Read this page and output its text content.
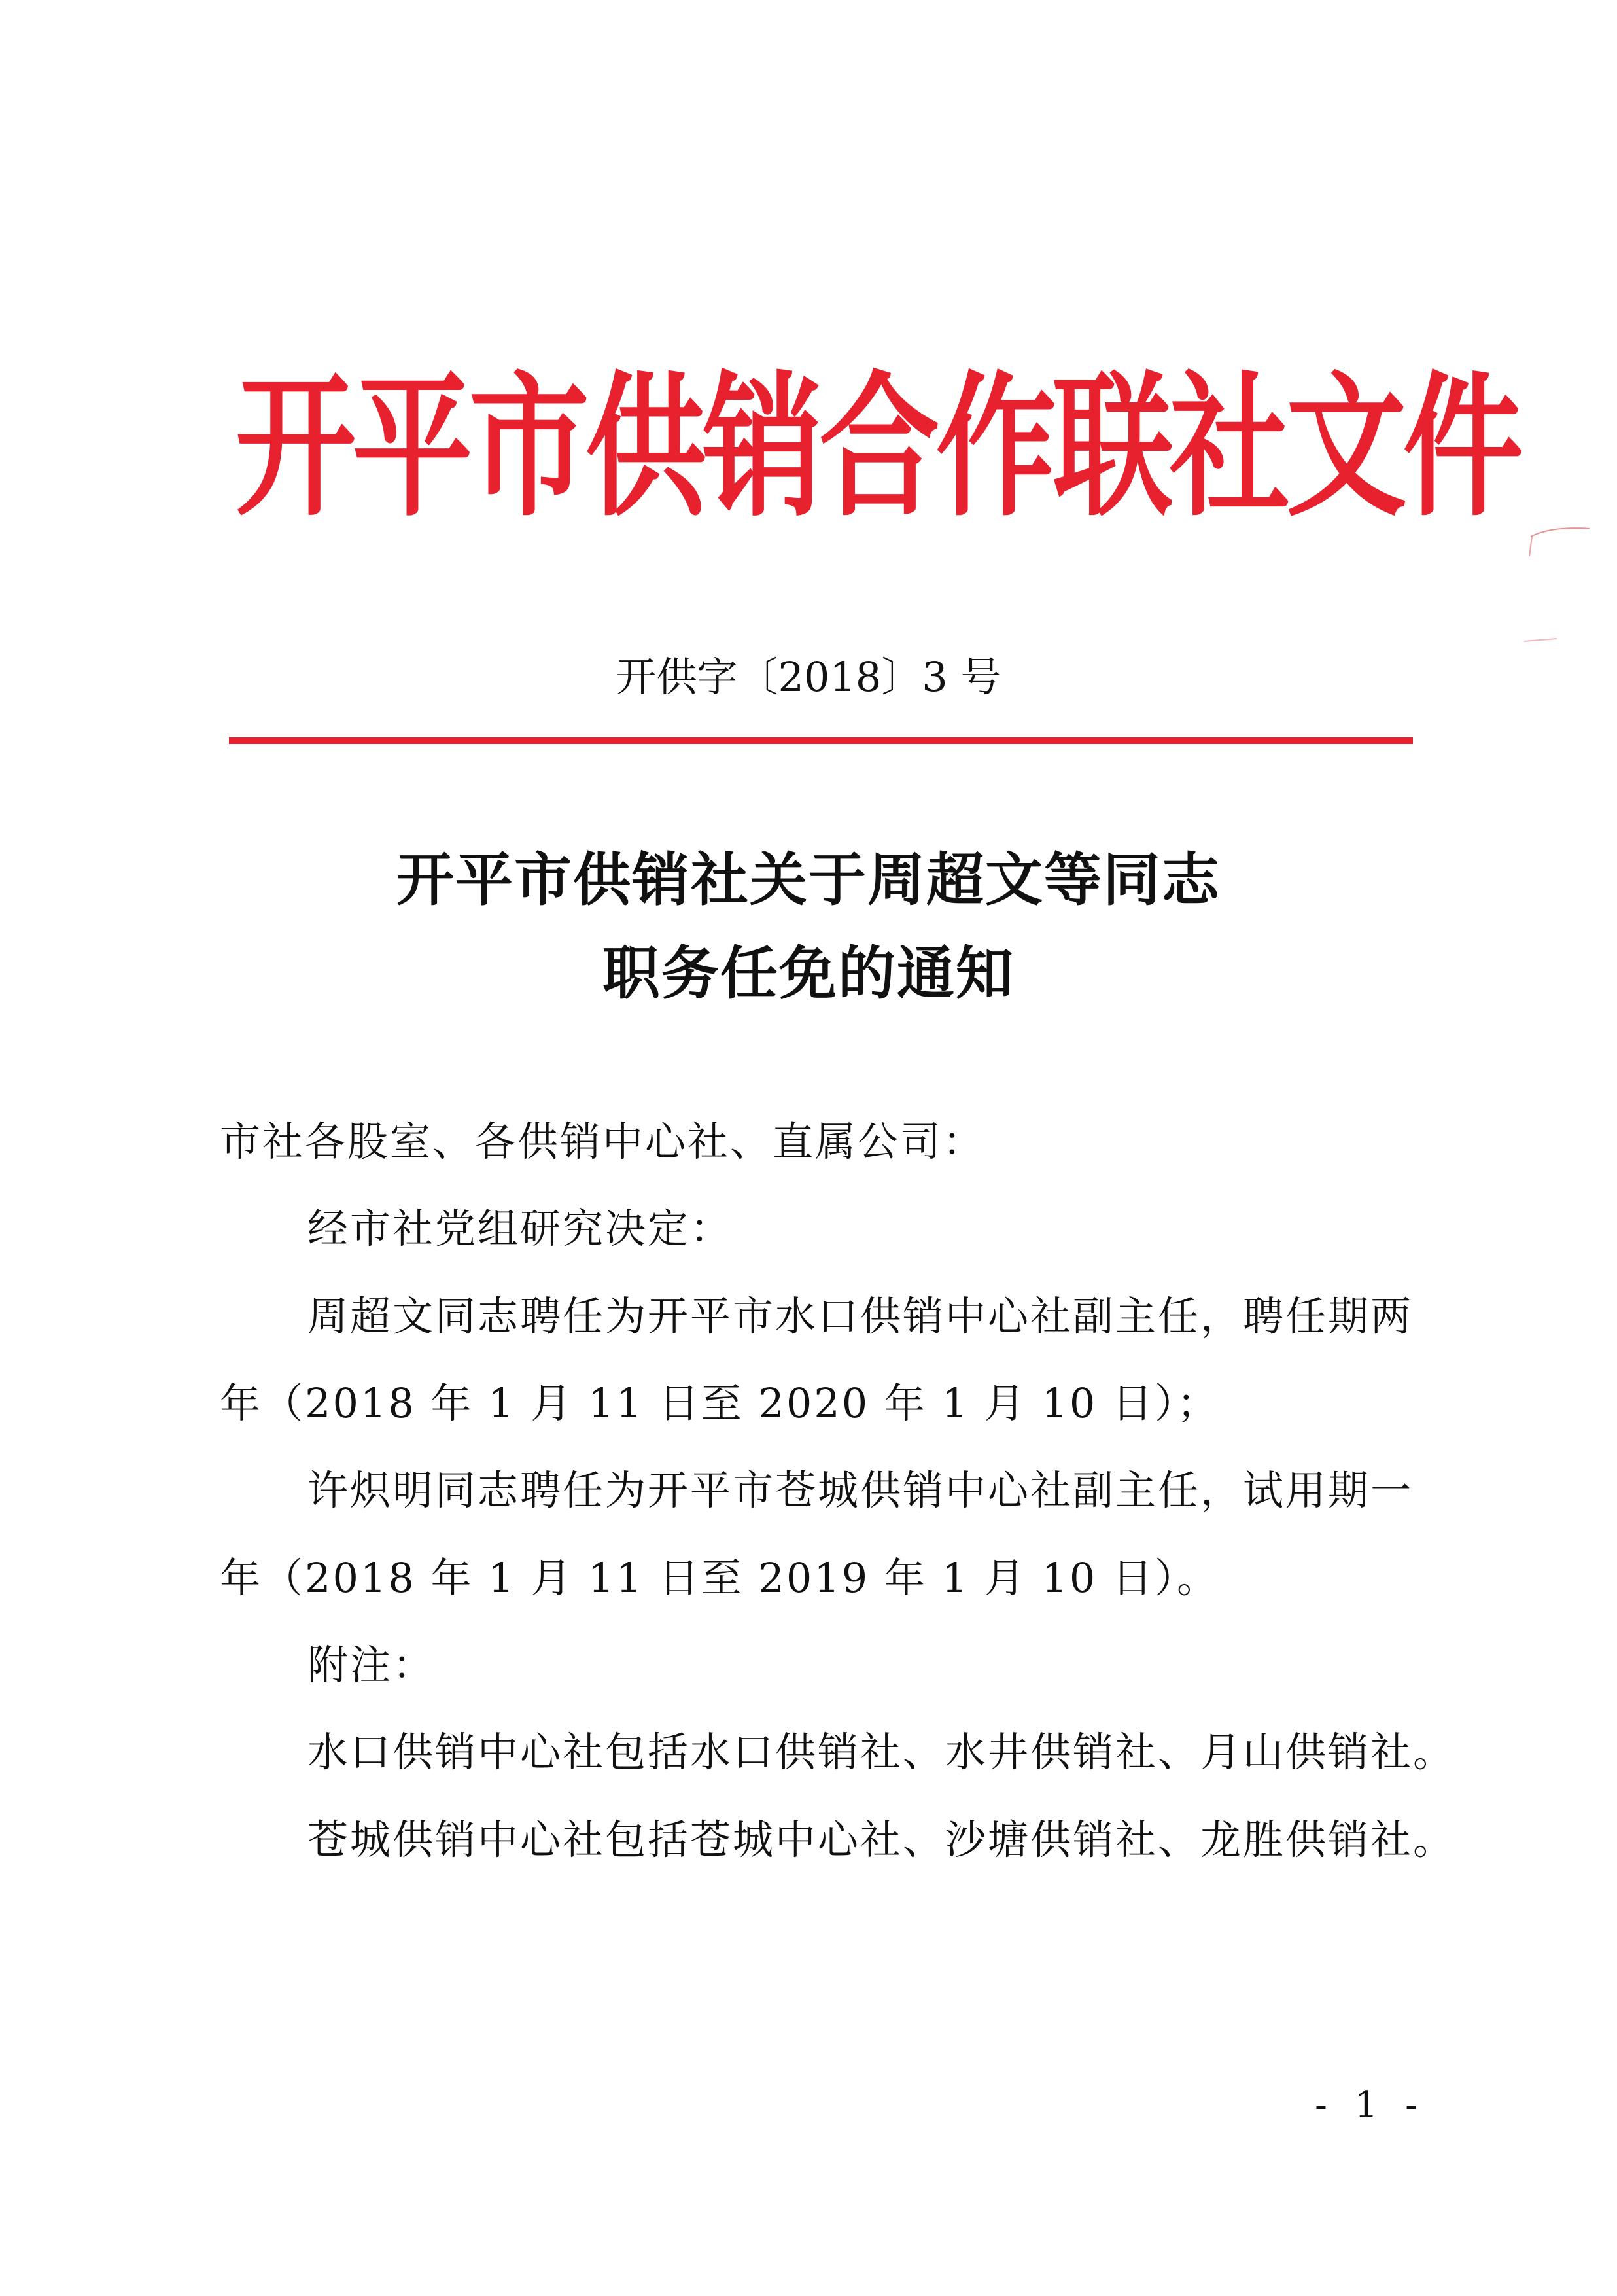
开平市供销合作联社文件
开供字〔2018〕3 号
开平市供销社关于周超文等同志
职务任免的通知
市社各股室、各供销中心社、直属公司：
经市社党组研究决定：
周超文同志聘任为开平市水口供销中心社副主任，聘任期两
年（2018 年 1 月 11 日至 2020 年 1 月 10 日）；
许炽明同志聘任为开平市苍城供销中心社副主任，试用期一
年（2018 年 1 月 11 日至 2019 年 1 月 10 日）。
附注：
水口供销中心社包括水口供销社、水井供销社、月山供销社。
苍城供销中心社包括苍城中心社、沙塘供销社、龙胜供销社。
- 1 -
